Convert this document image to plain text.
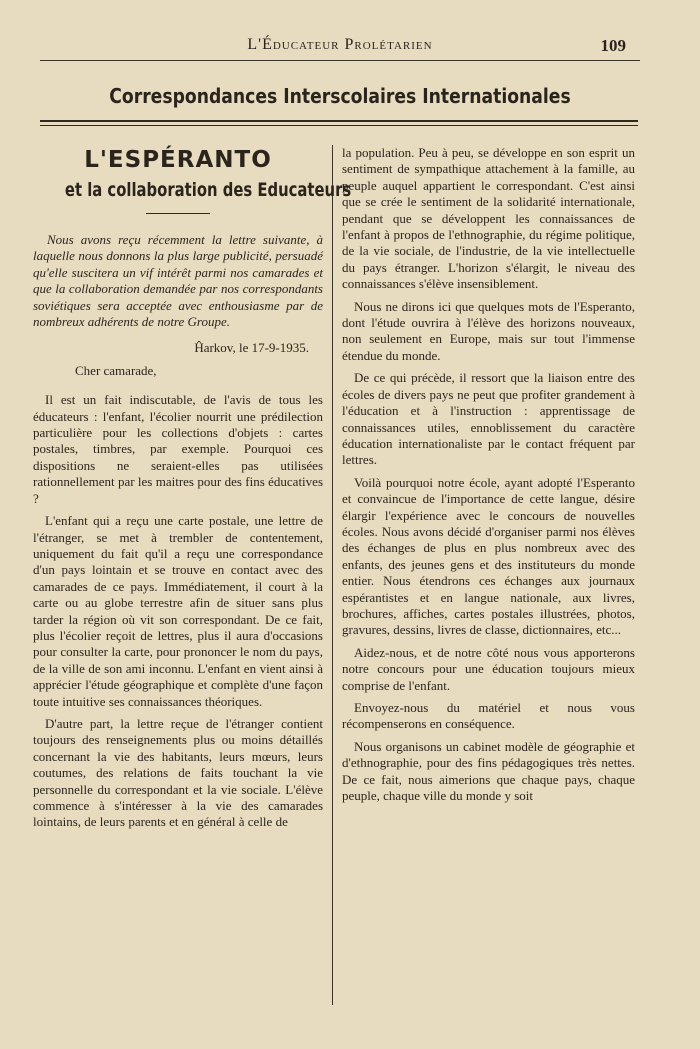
L'Éducateur Prolétarien	109
Correspondances Interscolaires Internationales
L'ESPÉRANTO
et la collaboration des Educateurs

Nous avons reçu récemment la lettre suivante, à laquelle nous donnons la plus large publicité, persuadé qu'elle suscitera un vif intérêt parmi nos camarades et que la collaboration demandée par nos correspondants soviétiques sera acceptée avec enthousiasme par de nombreux adhérents de notre Groupe.

Ĥarkov, le 17-9-1935.

Cher camarade,

Il est un fait indiscutable, de l'avis de tous les éducateurs : l'enfant, l'écolier nourrit une prédilection particulière pour les collections d'objets : cartes postales, timbres, par exemple. Pourquoi ces dispositions ne seraient-elles pas utilisées rationnellement par les maitres pour des fins éducatives ?

L'enfant qui a reçu une carte postale, une lettre de l'étranger, se met à trembler de contentement, uniquement du fait qu'il a reçu une correspondance d'un pays lointain et se trouve en contact avec des camarades de ce pays. Immédiatement, il court à la carte ou au globe terrestre afin de situer sans plus tarder la région où vit son correspondant. De ce fait, plus l'écolier reçoit de lettres, plus il aura d'occasions pour consulter la carte, pour prononcer le nom du pays, de la ville de son ami inconnu. L'enfant en vient ainsi à apprécier l'étude géographique et complète d'une façon toute intuitive ses connaissances théoriques.

D'autre part, la lettre reçue de l'étranger contient toujours des renseignements plus ou moins détaillés concernant la vie des habitants, leurs mœurs, leurs coutumes, des relations de faits touchant la vie personnelle du correspondant et la vie sociale. L'élève commence à s'intéresser à la vie des camarades lointains, de leurs parents et en général à celle de

la population. Peu à peu, se développe en son esprit un sentiment de sympathique attachement à la famille, au peuple auquel appartient le correspondant. C'est ainsi que se crée le sentiment de la solidarité internationale, pendant que se développent les connaissances de l'enfant à propos de l'ethnographie, du régime politique, de la vie sociale, de l'industrie, de la vie intellectuelle du pays étranger. L'horizon s'élargit, le niveau des connaissances s'élève insensiblement.

Nous ne dirons ici que quelques mots de l'Esperanto, dont l'étude ouvrira à l'élève des horizons nouveaux, non seulement en Europe, mais sur tout l'immense étendue du monde.

De ce qui précède, il ressort que la liaison entre des écoles de divers pays ne peut que profiter grandement à l'éducation et à l'instruction : apprentissage de connaissances utiles, ennoblissement du caractère éducation internationaliste par le contact fréquent par lettres.

Voilà pourquoi notre école, ayant adopté l'Esperanto et convaincue de l'importance de cette langue, désire élargir l'expérience avec le concours de nouvelles écoles. Nous avons décidé d'organiser parmi nos élèves des échanges de plus en plus nombreux avec des enfants, des jeunes gens et des instituteurs du monde entier. Nous étendrons ces échanges aux journaux espérantistes et en langue nationale, aux livres, brochures, affiches, cartes postales illustrées, photos, gravures, dessins, livres de classe, dictionnaires, etc...

Aidez-nous, et de notre côté nous vous apporterons notre concours pour une éducation toujours mieux comprise de l'enfant.

Envoyez-nous du matériel et nous vous récompenserons en conséquence.

Nous organisons un cabinet modèle de géographie et d'ethnographie, pour des fins pédagogiques très nettes. De ce fait, nous aimerions que chaque pays, chaque peuple, chaque ville du monde y soit
